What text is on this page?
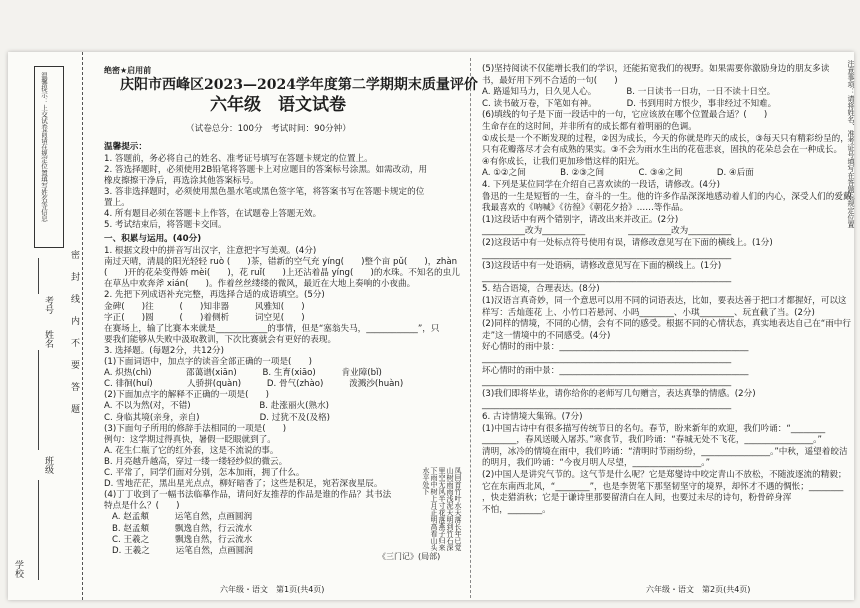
温馨提示：上交试卷前请在规定位置填写姓名等信息
学校
班级
姓名
考号 密　封　线　内　不　要　答　题
绝密★启用前
庆阳市西峰区2023—2024学年度第二学期期末质量评价
六年级　语文试卷
（试卷总分：100分　考试时间：90分钟）
温馨提示：
1. 答题前，务必将自己的姓名、准考证号填写在答题卡规定的位置上。
2. 答选择题时，必须使用2B铅笔将答题卡上对应题目的答案标号涂黑。如需改动，用
橡皮擦擦干净后，再选涂其他答案标号。
3. 答非选择题时，必须使用黑色墨水笔或黑色签字笔，将答案书写在答题卡规定的位
置上。
4. 所有题目必须在答题卡上作答，在试题卷上答题无效。
5. 考试结束后，将答题卡交回。
一、积累与运用。(40分)
1. 根据文段中的拼音写出汉字，注意把字写美观。(4分)
南过天晴，清晨的阳光轻轻 ruò (　　)茶，错新的空气充 yíng(　　)整个亩 pǔ(　　)，zhàn
(　　)开的花朵变得娇 mèi(　　)，花 ruǐ(　　)上还沾着晶 yíng(　　)的水珠。不知名的虫儿
在草丛中欢奔斧 xián(　　)。作着丝丝缕缕的微风，最近在大地上奏响的小夜曲。
2. 先把下列成语补充完整，再选择合适的成语填空。(5分)
金碑(　　)往　　　(　　)知非器　　　风雅知(　　)
字正(　　)圆　　　(　　)着侧析　　　词空见(　　)
在赛场上，输了比赛本来就是____________的事情，但是“塞翁失马，____________”，只
要我们能够从失败中汲取教训，下次比赛就会有更好的表现。
3. 选择题。(每题2分，共12分)
(1)下面词语中，加点字的读音全部正确的一项是(　　)
A. 炽热(chì)　　　　邵蔼谱(xiān)　　　B. 生育(xiāo)　　　肯业障(bǐ)
C. 徘徊(huí)　　　　人骄拼(quàn)　　　D. 骨气(zhào)　　　泼溅沙(huàn)
(2)下面加点字的解释不正确的一项是(　　)
A. 不以为然(对，不错)　　　　　　　　B. 赴涨丽火(熟水)
C. 身临其境(亲身，亲自)　　　　　　　D. 过犹不及(及格)
(3)下面句子所用的修辞手法相同的一项是(　　)
例句：这学期过得真快，暑假一眨眼就到了。
A. 花生仁瓶了它的红外套，这是不流说的事。
B. 月亮越升越高，穿过一缕一缕轻纱似的微云。
C. 平常了，同学们面对分别，怎本加雨，拥了什么。
D. 雪地茫茫，黑出星光点点，柳好暗香了；这些是积足，宛若深夜星辰。
(4)丁丁收到了一幅书法临摹作品，请问好友推荐的作品是谁的作品？其书法
特点是什么？(　　)
A. 赵孟頫　　　运笔自然，点画圆润
B. 赵孟頫　　　飘逸自然，行云流水
C. 王羲之　　　飘逸自然，行云流水
D. 王羲之　　　运笔自然，点画圆润	凤回首竹叶水天落长年已觉山树雨雨浅泥天明到竹石深里空无风半寸花落燕子归来下雨中树上月正明高看山头水平处下
《三门记》(局部)
(5)坚持阅读不仅能增长我们的学识，还能拓宽我们的视野。如果需要你激励身边的朋友多读
书，最好用下列不合适的一句(　　)
A. 路遥知马力，日久见人心。　　　　B. 一日读书一日功，一日不读十日空。
C. 读书破万卷，下笔如有神。　　　　D. 书到用时方恨少，事非经过不知难。
(6)填线的句子是下面一段话中的一句，它应该放在哪个位置最合适？(　　)
生命存在的这时间，并非所有的成长都有着明丽的色调。
①成长是一个不断发现的过程，②因为成长，今天的你就是昨天的成长，③每天只有精彩纷呈的，
只有花瓣落尽才会有成熟的果实。③不会为雨水生出的花苞悲哀，固执的花朵总会在一种成长。
④有你成长，让我们更加珍惜这样的阳光。
A. ①②之间　　　　B. ②③之间　　　　C. ③④之间　　　　D. ④后面
4. 下列是某位同学在介绍自己喜欢读的一段话，请修改。(4分)
鲁迅的一生是短暂的一生，奋斗的一生。他的许多作品深深地感动着人们的内心，深受人们的爱戴。
我最喜欢的《呐喊》《彷徨》《朝花夕拾》……等作品。
(1)这段话中有两个错别字，请改出来并改正。(2分)
__________改为__________　　　　　__________改为__________
(2)这段话中有一处标点符号使用有误，请修改意见写在下面的横线上。(1分)
__________________________________________________________
(3)这段话中有一处语病，请修改意见写在下面的横线上。(1分)
__________________________________________________________
5. 结合语境，合理表达。(8分)
(1)汉语言真奇妙，同一个意思可以用不同的词语表达，比如，要表达善于把口才都握好，可以这
样写：舌灿莲花 上、小竹口若悬河、小吗________、小琪________、玩直截了当。(2分)
(2)同样的情境，不同的心情，会有不同的感受。根据不同的心情状态，真实地表达自己在“雨中行
走”这一情境中的不同感受。(4分)
好心情时的雨中景：____________________________________________
__________________________________________________________
坏心情时的雨中景：____________________________________________
__________________________________________________________
(3)我们即将毕业，请你给你的老师写几句赠言，表达真挚的情感。(2分)
__________________________________________________________
6. 古诗情境大集锦。(7分)
(1)中国古诗中有很多描写传统节日的名句。春节，盼来新年的欢迎，我们吟诵：“________
________，春风送暖入屠苏。”寒食节，我们吟诵：“春城无处不飞花，________________。”
清明，冰冷的情境在雨中，我们吟诵：“清明时节雨纷纷，________________。”中秋，遥望着皎洁
的明月，我们吟诵：“今夜月明人尽望，________________。”
(2)中国人是讲究气节的。这气节是什么呢？它是郑燮诗中咬定青山不放松，不随波逐流的精毅；
它在东南西北风，“________”，也是李贺笔下那坚韧坚守的境界，却怀才不遇的惆怅；________
，快走猎消秋；它是于谦诗里那要留清白在人间，也要过未尽的诗句，粉骨碎身浑
不怕，________。
六年级・语文　第1页(共4页)	六年级・语文　第2页(共4页)
注意事项：请将姓名、准考证号填写在答题卡规定位置
